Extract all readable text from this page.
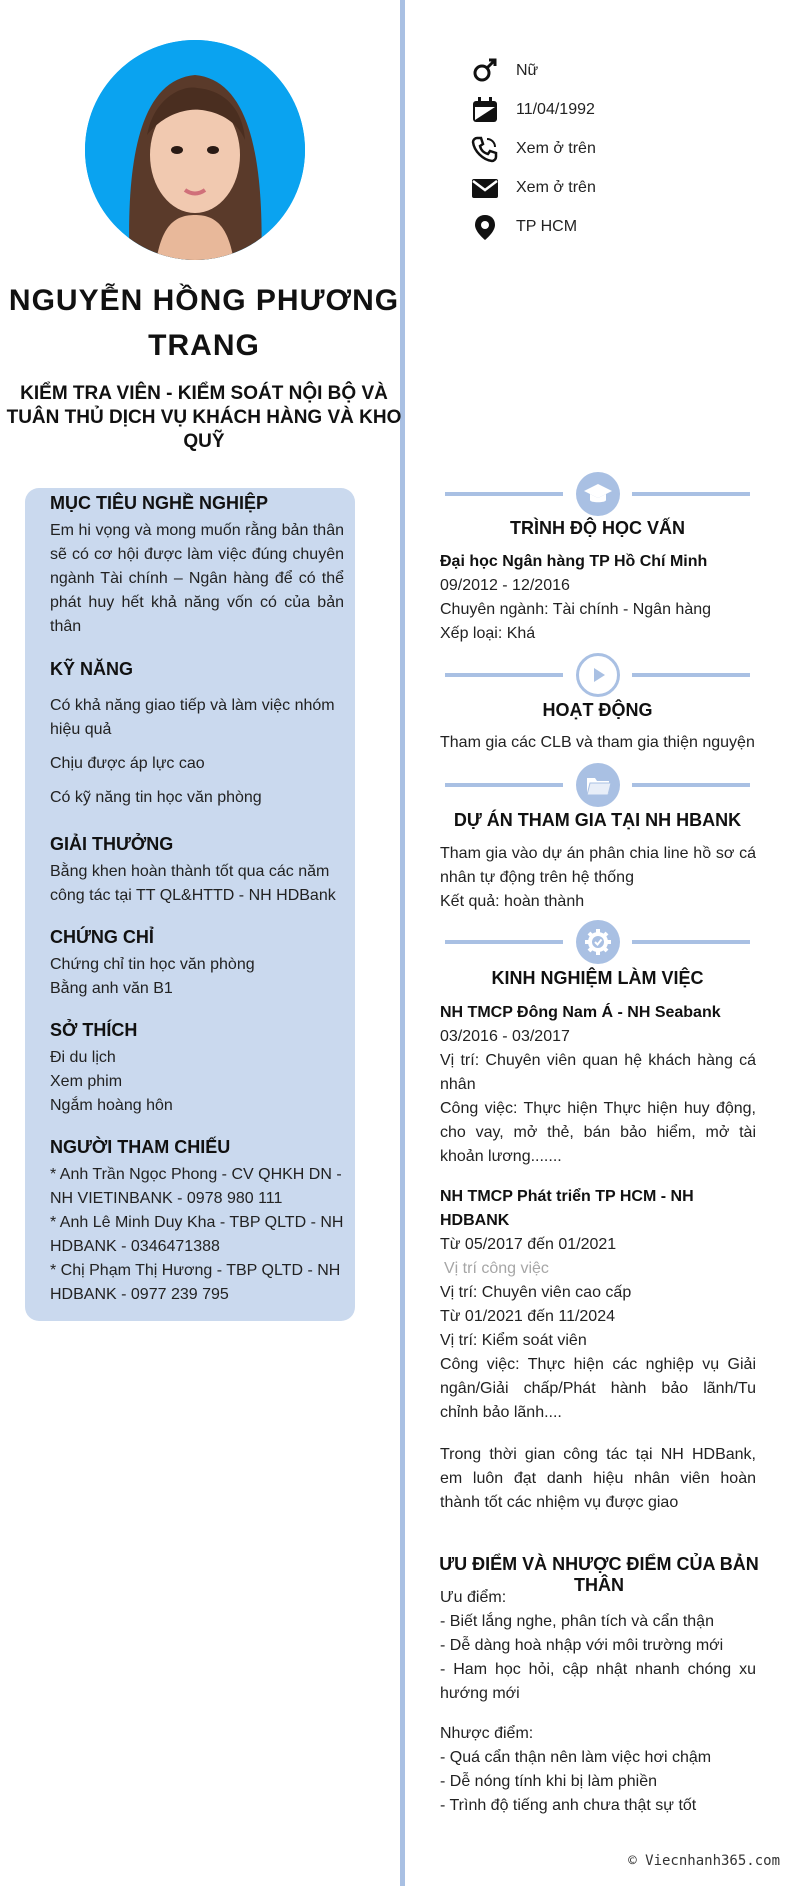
NGUYỄN HỒNG PHƯƠNG TRANG
KIỂM TRA VIÊN - KIỂM SOÁT NỘI BỘ VÀ TUÂN THỦ DỊCH VỤ KHÁCH HÀNG VÀ KHO QUỸ
MỤC TIÊU NGHỀ NGHIỆP
Em hi vọng và mong muốn rằng bản thân sẽ có cơ hội được làm việc đúng chuyên ngành Tài chính – Ngân hàng để có thể phát huy hết khả năng vốn có của bản thân
KỸ NĂNG
Có khả năng giao tiếp và làm việc nhóm hiệu quả
Chịu được áp lực cao
Có kỹ năng tin học văn phòng
GIẢI THƯỞNG
Bằng khen hoàn thành tốt qua các năm công tác tại TT QL&HTTD - NH HDBank
CHỨNG CHỈ
Chứng chỉ tin học văn phòng
Bằng anh văn B1
SỞ THÍCH
Đi du lịch
Xem phim
Ngắm hoàng hôn
NGƯỜI THAM CHIẾU
* Anh Trần Ngọc Phong - CV QHKH DN - NH VIETINBANK - 0978 980 111
* Anh Lê Minh Duy Kha - TBP QLTD - NH HDBANK - 0346471388
* Chị Phạm Thị Hương - TBP QLTD - NH HDBANK - 0977 239 795
Nữ
11/04/1992
Xem ở trên
Xem ở trên
TP HCM
TRÌNH ĐỘ HỌC VẤN
Đại học Ngân hàng TP Hồ Chí Minh
09/2012 - 12/2016
Chuyên ngành: Tài chính - Ngân hàng
Xếp loại: Khá
HOẠT ĐỘNG
Tham gia các CLB và tham gia thiện nguyện
DỰ ÁN THAM GIA TẠI NH HBANK
Tham gia vào dự án phân chia line hồ sơ cá nhân tự động trên hệ thống
Kết quả: hoàn thành
KINH NGHIỆM LÀM VIỆC
NH TMCP Đông Nam Á - NH Seabank
03/2016 - 03/2017
Vị trí: Chuyên viên quan hệ khách hàng cá nhân
Công việc: Thực hiện Thực hiện huy động, cho vay, mở thẻ, bán bảo hiểm, mở tài khoản lương.......
NH TMCP Phát triển TP HCM - NH HDBANK
Từ 05/2017 đến 01/2021
Vị trí công việc
Vị trí: Chuyên viên cao cấp
Từ 01/2021 đến 11/2024
Vị trí: Kiểm soát viên
Công việc: Thực hiện các nghiệp vụ Giải ngân/Giải chấp/Phát hành bảo lãnh/Tu chỉnh bảo lãnh....
Trong thời gian công tác tại NH HDBank, em luôn đạt danh hiệu nhân viên hoàn thành tốt các nhiệm vụ được giao
ƯU ĐIỂM VÀ NHƯỢC ĐIỂM CỦA BẢN THÂN
Ưu điểm:
- Biết lắng nghe, phân tích và cẩn thận
- Dễ dàng hoà nhập với môi trường mới
- Ham học hỏi, cập nhật nhanh chóng xu hướng mới
Nhược điểm:
- Quá cẩn thận nên làm việc hơi chậm
- Dễ nóng tính khi bị làm phiền
- Trình độ tiếng anh chưa thật sự tốt
© Viecnhanh365.com
